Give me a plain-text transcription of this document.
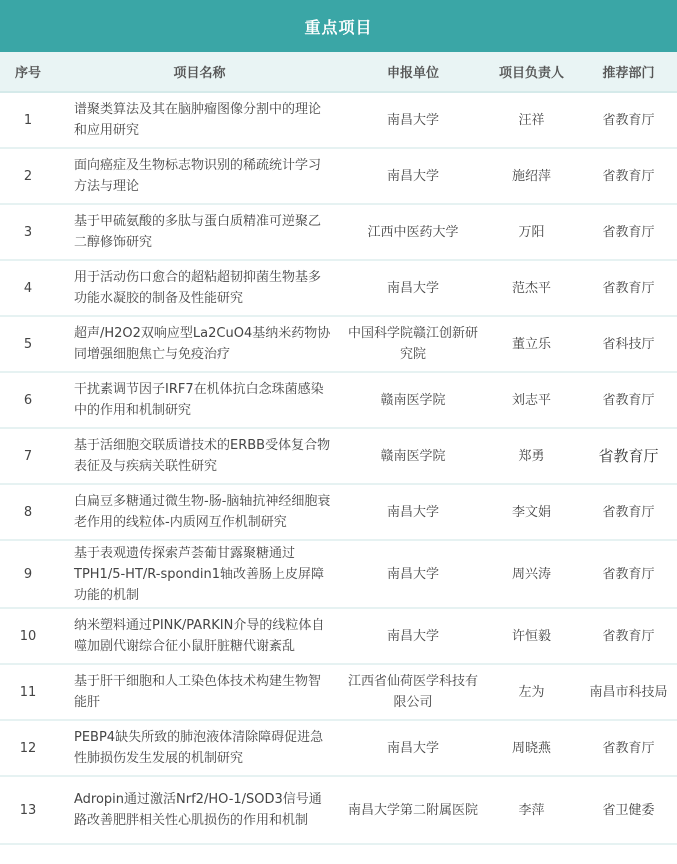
重点项目
序号	项目名称	申报单位	项目负责人	推荐部门
1	谱聚类算法及其在脑肿瘤图像分割中的理论和应用研究	南昌大学	汪祥	省教育厅
2	面向癌症及生物标志物识别的稀疏统计学习方法与理论	南昌大学	施绍萍	省教育厅
3	基于甲硫氨酸的多肽与蛋白质精准可逆聚乙二醇修饰研究	江西中医药大学	万阳	省教育厅
4	用于活动伤口愈合的超粘超韧抑菌生物基多功能水凝胶的制备及性能研究	南昌大学	范杰平	省教育厅
5	超声/H2O2双响应型La2CuO4基纳米药物协同增强细胞焦亡与免疫治疗	中国科学院赣江创新研究院	董立乐	省科技厅
6	干扰素调节因子IRF7在机体抗白念珠菌感染中的作用和机制研究	赣南医学院	刘志平	省教育厅
7	基于活细胞交联质谱技术的ERBB受体复合物表征及与疾病关联性研究	赣南医学院	郑勇	省教育厅
8	白扁豆多糖通过微生物-肠-脑轴抗神经细胞衰老作用的线粒体-内质网互作机制研究	南昌大学	李文娟	省教育厅
9	基于表观遗传探索芦荟葡甘露聚糖通过TPH1/5-HT/R-spondin1轴改善肠上皮屏障功能的机制	南昌大学	周兴涛	省教育厅
10	纳米塑料通过PINK/PARKIN介导的线粒体自噬加剧代谢综合征小鼠肝脏糖代谢紊乱	南昌大学	许恒毅	省教育厅
11	基于肝干细胞和人工染色体技术构建生物智能肝	江西省仙荷医学科技有限公司	左为	南昌市科技局
12	PEBP4缺失所致的肺泡液体清除障碍促进急性肺损伤发生发展的机制研究	南昌大学	周晓燕	省教育厅
13	Adropin通过激活Nrf2/HO-1/SOD3信号通路改善肥胖相关性心肌损伤的作用和机制	南昌大学第二附属医院	李萍	省卫健委
